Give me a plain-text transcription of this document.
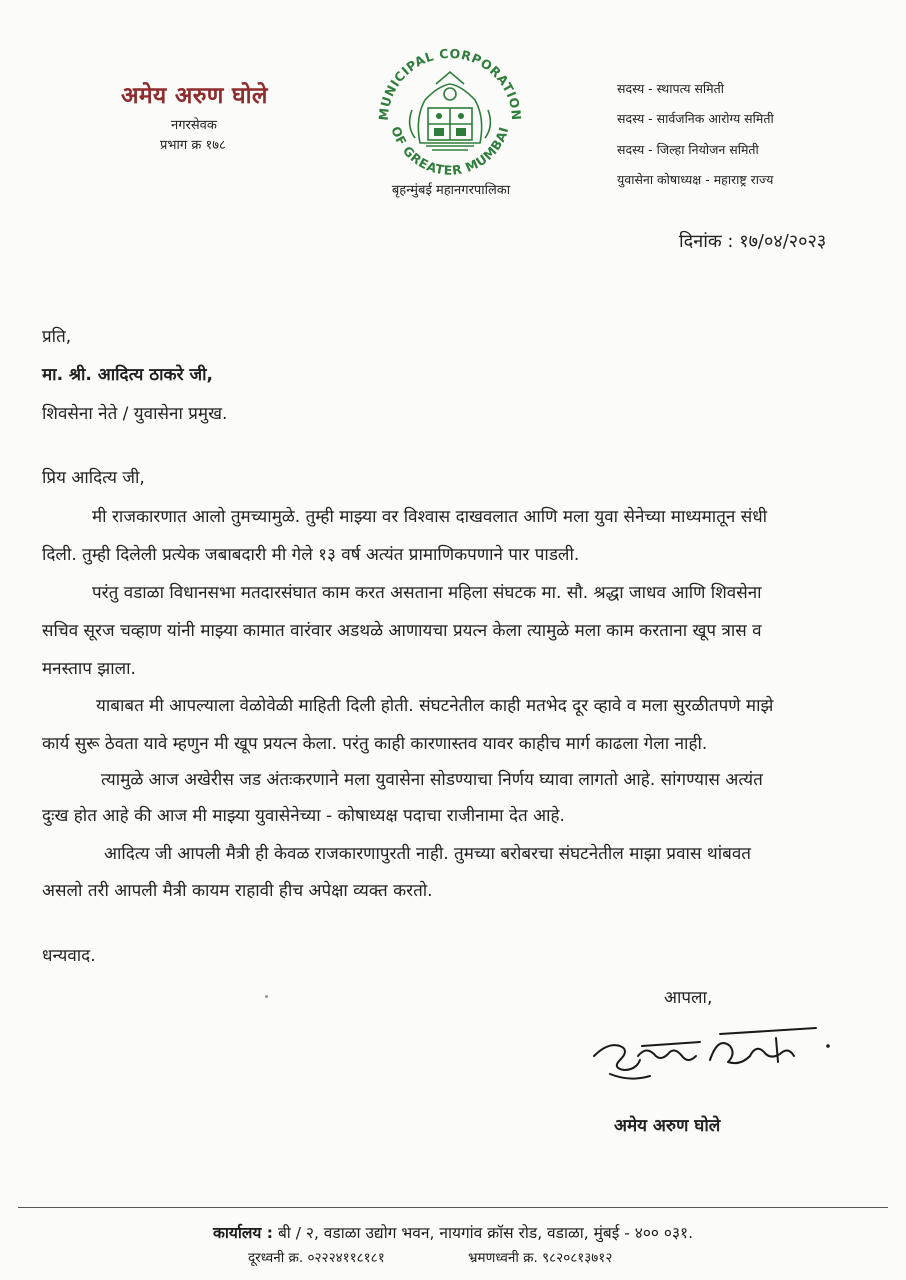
अमेय अरुण घोले
नगरसेवक
प्रभाग क्र १७८
MUNICIPAL CORPORATION
OF GREATER MUMBAI
बृहन्मुंबई महानगरपालिका
सदस्य - स्थापत्य समिती
सदस्य - सार्वजनिक आरोग्य समिती
सदस्य - जिल्हा नियोजन समिती
युवासेना कोषाध्यक्ष - महाराष्ट्र राज्य
दिनांक : १७/०४/२०२३
प्रति,
मा. श्री. आदित्य ठाकरे जी,
शिवसेना नेते / युवासेना प्रमुख.
प्रिय आदित्य जी,
मी राजकारणात आलो तुमच्यामुळे. तुम्ही माझ्या वर विश्वास दाखवलात आणि मला युवा सेनेच्या माध्यमातून संधी
दिली. तुम्ही दिलेली प्रत्येक जबाबदारी मी गेले १३ वर्ष अत्यंत प्रामाणिकपणाने पार पाडली.
परंतु वडाळा विधानसभा मतदारसंघात काम करत असताना महिला संघटक मा. सौ. श्रद्धा जाधव आणि शिवसेना
सचिव सूरज चव्हाण यांनी माझ्या कामात वारंवार अडथळे आणायचा प्रयत्न केला त्यामुळे मला काम करताना खूप त्रास व
मनस्ताप झाला.
याबाबत मी आपल्याला वेळोवेळी माहिती दिली होती. संघटनेतील काही मतभेद दूर व्हावे व मला सुरळीतपणे माझे
कार्य सुरू ठेवता यावे म्हणुन मी खूप प्रयत्न केला. परंतु काही कारणास्तव यावर काहीच मार्ग काढला गेला नाही.
त्यामुळे आज अखेरीस जड अंतःकरणाने मला युवासेना सोडण्याचा निर्णय घ्यावा लागतो आहे. सांगण्यास अत्यंत
दुःख होत आहे की आज मी माझ्या युवासेनेच्या - कोषाध्यक्ष पदाचा राजीनामा देत आहे.
आदित्य जी आपली मैत्री ही केवळ राजकारणापुरती नाही. तुमच्या बरोबरचा संघटनेतील माझा प्रवास थांबवत
असलो तरी आपली मैत्री कायम राहावी हीच अपेक्षा व्यक्त करतो.
धन्यवाद.
आपला,
अमेय अरुण घोले
कार्यालय : बी / २, वडाळा उद्योग भवन, नायगांव क्रॉस रोड, वडाळा, मुंबई - ४०० ०३१.
दूरध्वनी क्र. ०२२२४११८१८१	भ्रमणध्वनी क्र. ९८२०८१३७१२
